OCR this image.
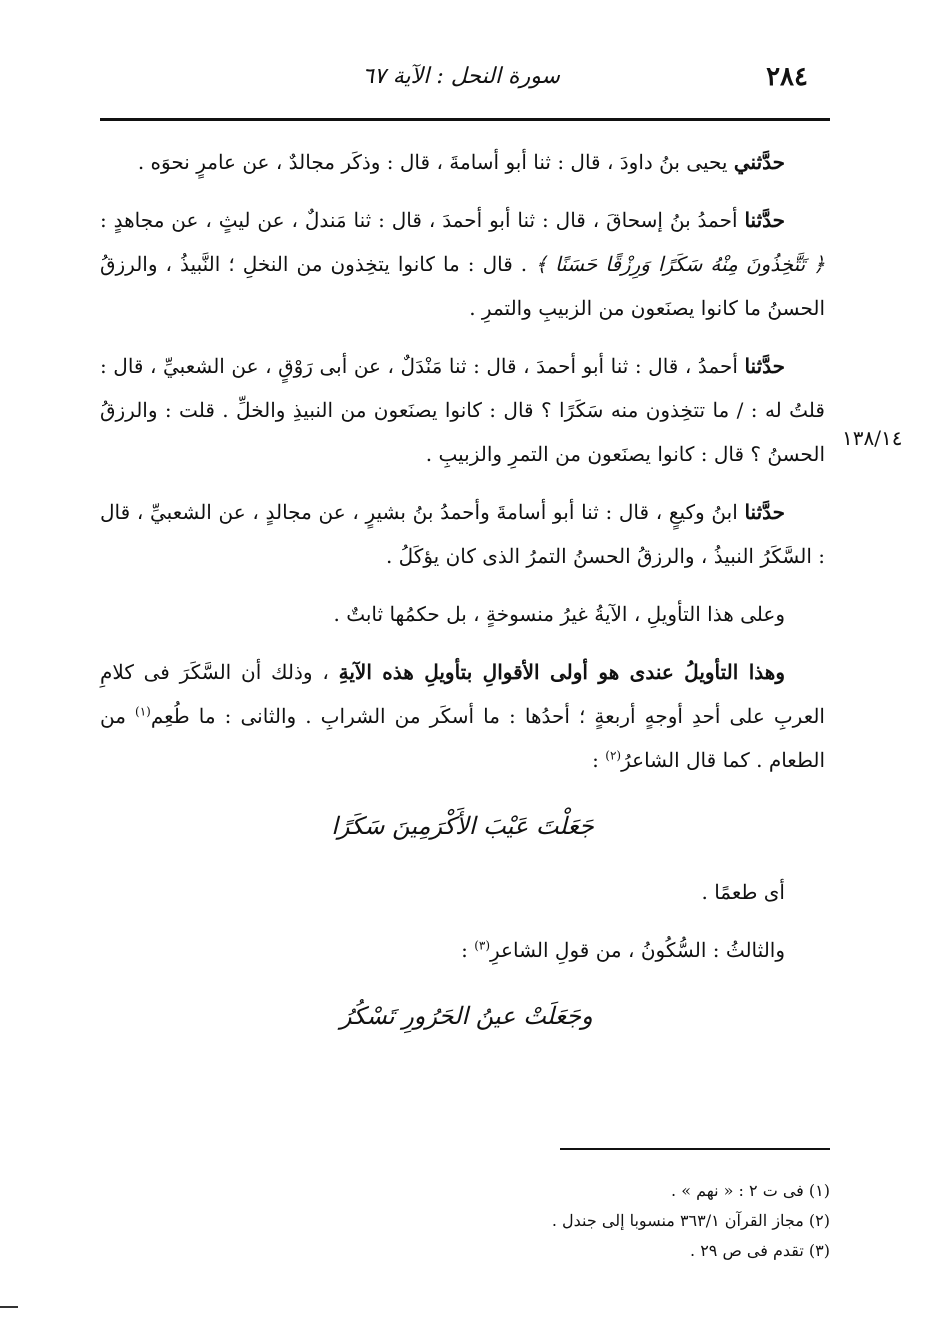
٢٨٤
سورة النحل : الآية ٦٧
١٣٨/١٤

حدَّثني يحيى بنُ داودَ ، قال : ثنا أبو أسامةَ ، قال : وذكَر مجالدٌ ، عن عامرٍ نحوَه .

حدَّثنا أحمدُ بنُ إسحاقَ ، قال : ثنا أبو أحمدَ ، قال : ثنا مَندلٌ ، عن ليثٍ ، عن مجاهدٍ : ﴿ تَتَّخِذُونَ مِنْهُ سَكَرًا وَرِزْقًا حَسَنًا ﴾ . قال : ما كانوا يتخِذون من النخلِ ؛ النَّبيذُ ، والرزقُ الحسنُ ما كانوا يصنَعون من الزبيبِ والتمرِ .

حدَّثنا أحمدُ ، قال : ثنا أبو أحمدَ ، قال : ثنا مَنْدَلٌ ، عن أبى رَوْقٍ ، عن الشعبيِّ ، قال : قلتُ له : / ما تتخِذون منه سَكَرًا ؟ قال : كانوا يصنَعون من النبيذِ والخلِّ . قلت : والرزقُ الحسنُ ؟ قال : كانوا يصنَعون من التمرِ والزبيبِ .

حدَّثنا ابنُ وكيعٍ ، قال : ثنا أبو أسامةَ وأحمدُ بنُ بشيرٍ ، عن مجالدٍ ، عن الشعبيِّ ، قال : السَّكَرُ النبيذُ ، والرزقُ الحسنُ التمرُ الذى كان يؤكَلُ .

وعلى هذا التأويلِ ، الآيةُ غيرُ منسوخةٍ ، بل حكمُها ثابتٌ .

وهذا التأويلُ عندى هو أولى الأقوالِ بتأويلِ هذه الآيةِ ، وذلك أن السَّكَرَ فى كلامِ العربِ على أحدِ أوجهٍ أربعةٍ ؛ أحدُها : ما أسكَر من الشرابِ . والثانى : ما طُعِم$^{(١)}$ من الطعام . كما قال الشاعرُ$^{(٢)}$ :

جَعَلْتَ عَيْبَ الأَكْرَمِينَ سَكَرًا

أى طعمًا .

والثالثُ : السُّكُونُ ، من قولِ الشاعرِ$^{(٣)}$ :

وجَعَلَتْ عينُ الحَرُورِ تَسْكُرُ
(١) فى ت ٢ : « نهم » .
(٢) مجاز القرآن ٣٦٣/١ منسوبا إلى جندل .
(٣) تقدم فى ص ٢٩ .
